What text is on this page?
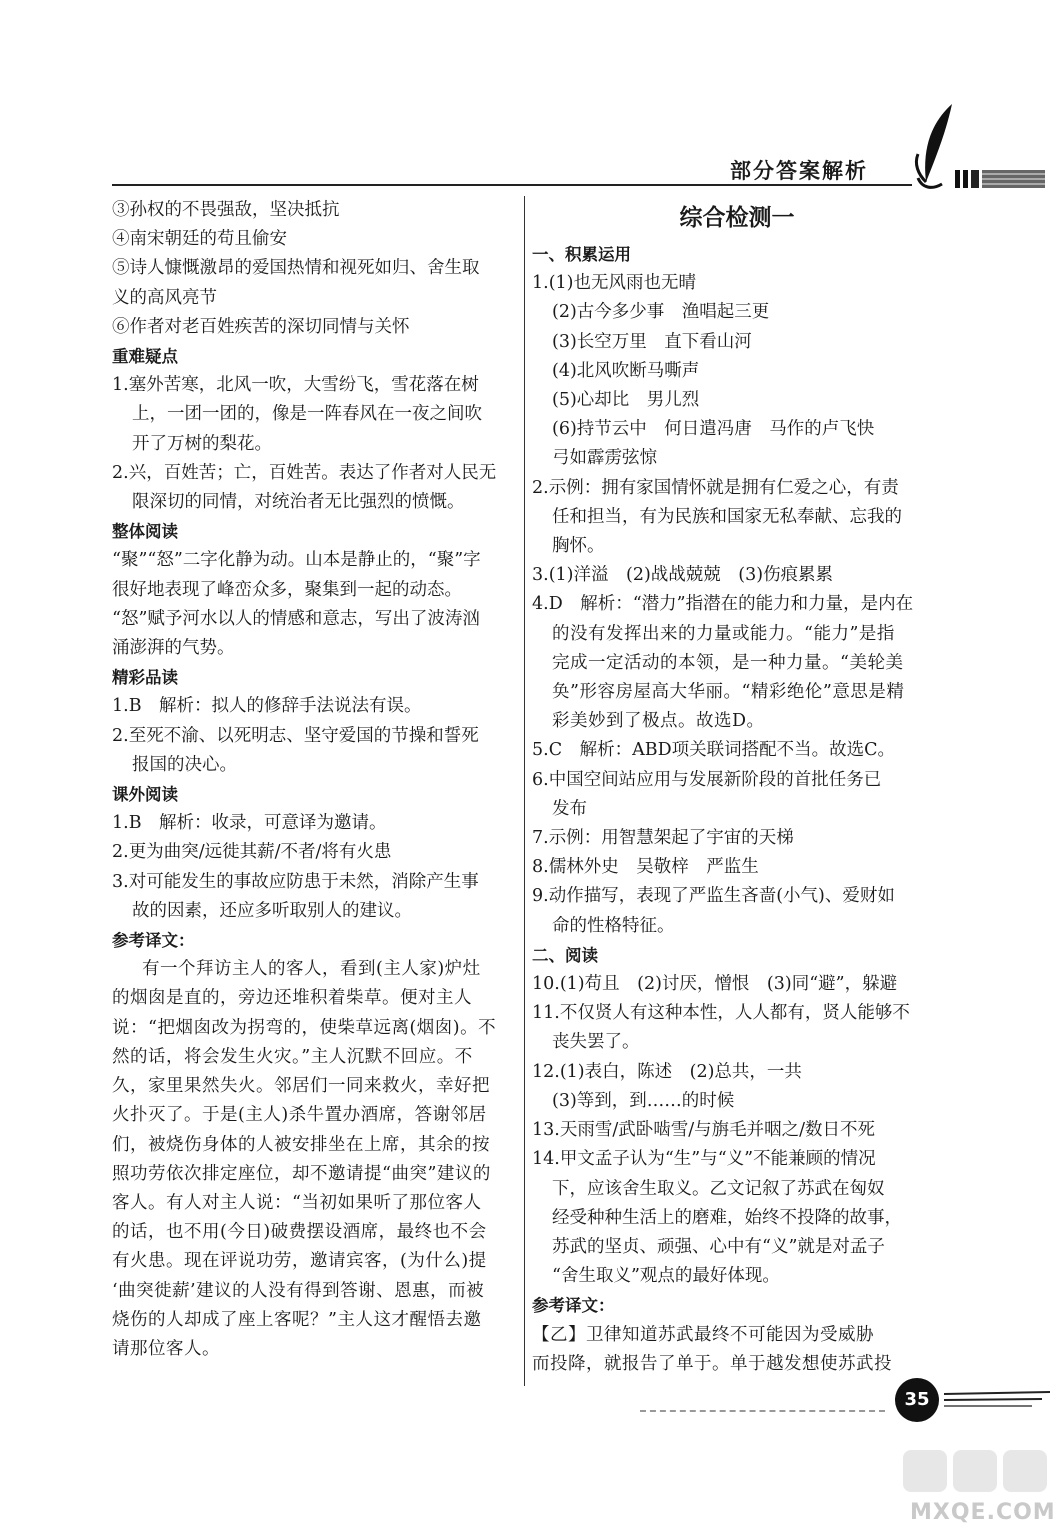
部分答案解析
③孙权的不畏强敌，坚决抵抗
④南宋朝廷的苟且偷安
⑤诗人慷慨激昂的爱国热情和视死如归、舍生取
义的高风亮节
⑥作者对老百姓疾苦的深切同情与关怀
重难疑点
1.塞外苦寒，北风一吹，大雪纷飞，雪花落在树
上，一团一团的，像是一阵春风在一夜之间吹
开了万树的梨花。
2.兴，百姓苦；亡，百姓苦。表达了作者对人民无
限深切的同情，对统治者无比强烈的愤慨。
整体阅读
“聚”“怒”二字化静为动。山本是静止的，“聚”字
很好地表现了峰峦众多，聚集到一起的动态。
“怒”赋予河水以人的情感和意志，写出了波涛汹
涌澎湃的气势。
精彩品读
1.B　解析：拟人的修辞手法说法有误。
2.至死不渝、以死明志、坚守爱国的节操和誓死
报国的决心。
课外阅读
1.B　解析：收录，可意译为邀请。
2.更为曲突/远徙其薪/不者/将有火患
3.对可能发生的事故应防患于未然，消除产生事
故的因素，还应多听取别人的建议。
参考译文：
有一个拜访主人的客人，看到(主人家)炉灶
的烟囱是直的，旁边还堆积着柴草。便对主人
说：“把烟囱改为拐弯的，使柴草远离(烟囱)。不
然的话，将会发生火灾。”主人沉默不回应。不
久，家里果然失火。邻居们一同来救火，幸好把
火扑灭了。于是(主人)杀牛置办酒席，答谢邻居
们，被烧伤身体的人被安排坐在上席，其余的按
照功劳依次排定座位，却不邀请提“曲突”建议的
客人。有人对主人说：“当初如果听了那位客人
的话，也不用(今日)破费摆设酒席，最终也不会
有火患。现在评说功劳，邀请宾客，(为什么)提
‘曲突徙薪’建议的人没有得到答谢、恩惠，而被
烧伤的人却成了座上客呢？”主人这才醒悟去邀
请那位客人。
综合检测一
一、积累运用
1.(1)也无风雨也无晴
(2)古今多少事　渔唱起三更
(3)长空万里　直下看山河
(4)北风吹断马嘶声
(5)心却比　男儿烈
(6)持节云中　何日遣冯唐　马作的卢飞快
弓如霹雳弦惊
2.示例：拥有家国情怀就是拥有仁爱之心，有责
任和担当，有为民族和国家无私奉献、忘我的
胸怀。
3.(1)洋溢　(2)战战兢兢　(3)伤痕累累
4.D　解析：“潜力”指潜在的能力和力量，是内在
的没有发挥出来的力量或能力。“能力”是指
完成一定活动的本领，是一种力量。“美轮美
奂”形容房屋高大华丽。“精彩绝伦”意思是精
彩美妙到了极点。故选D。
5.C　解析：ABD项关联词搭配不当。故选C。
6.中国空间站应用与发展新阶段的首批任务已
发布
7.示例：用智慧架起了宇宙的天梯
8.儒林外史　吴敬梓　严监生
9.动作描写，表现了严监生吝啬(小气)、爱财如
命的性格特征。
二、阅读
10.(1)苟且　(2)讨厌，憎恨　(3)同“避”，躲避
11.不仅贤人有这种本性，人人都有，贤人能够不
丧失罢了。
12.(1)表白，陈述　(2)总共，一共
(3)等到，到……的时候
13.天雨雪/武卧啮雪/与旃毛并咽之/数日不死
14.甲文孟子认为“生”与“义”不能兼顾的情况
下，应该舍生取义。乙文记叙了苏武在匈奴
经受种种生活上的磨难，始终不投降的故事，
苏武的坚贞、顽强、心中有“义”就是对孟子
“舍生取义”观点的最好体现。
参考译文：
【乙】卫律知道苏武最终不可能因为受威胁
而投降，就报告了单于。单于越发想使苏武投
35
MXQE.COM
